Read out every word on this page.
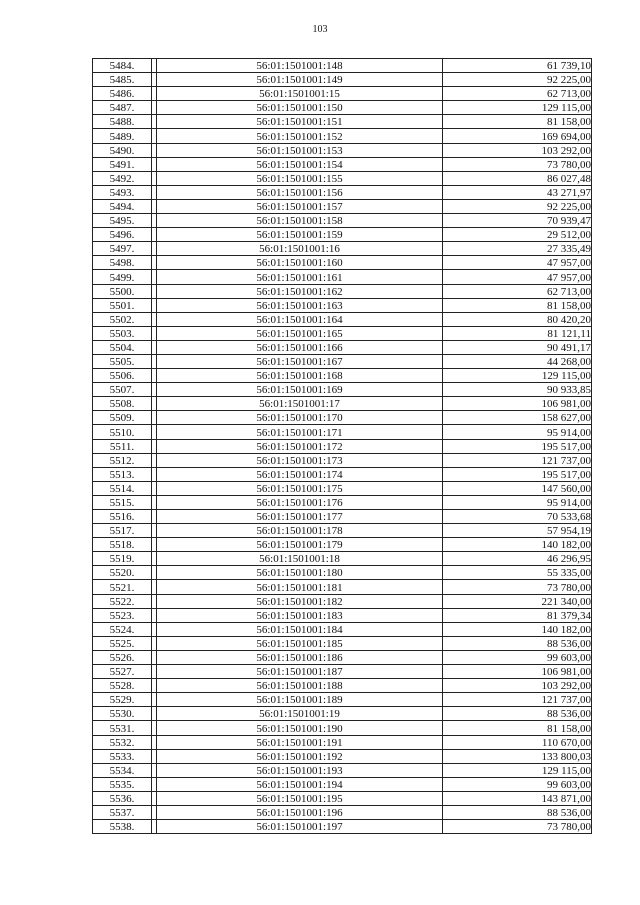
103
5484.		56:01:1501001:148	61 739,10
5485.		56:01:1501001:149	92 225,00
5486.		56:01:1501001:15	62 713,00
5487.		56:01:1501001:150	129 115,00
5488.		56:01:1501001:151	81 158,00
5489.		56:01:1501001:152	169 694,00
5490.		56:01:1501001:153	103 292,00
5491.		56:01:1501001:154	73 780,00
5492.		56:01:1501001:155	86 027,48
5493.		56:01:1501001:156	43 271,97
5494.		56:01:1501001:157	92 225,00
5495.		56:01:1501001:158	70 939,47
5496.		56:01:1501001:159	29 512,00
5497.		56:01:1501001:16	27 335,49
5498.		56:01:1501001:160	47 957,00
5499.		56:01:1501001:161	47 957,00
5500.		56:01:1501001:162	62 713,00
5501.		56:01:1501001:163	81 158,00
5502.		56:01:1501001:164	80 420,20
5503.		56:01:1501001:165	81 121,11
5504.		56:01:1501001:166	90 491,17
5505.		56:01:1501001:167	44 268,00
5506.		56:01:1501001:168	129 115,00
5507.		56:01:1501001:169	90 933,85
5508.		56:01:1501001:17	106 981,00
5509.		56:01:1501001:170	158 627,00
5510.		56:01:1501001:171	95 914,00
5511.		56:01:1501001:172	195 517,00
5512.		56:01:1501001:173	121 737,00
5513.		56:01:1501001:174	195 517,00
5514.		56:01:1501001:175	147 560,00
5515.		56:01:1501001:176	95 914,00
5516.		56:01:1501001:177	70 533,68
5517.		56:01:1501001:178	57 954,19
5518.		56:01:1501001:179	140 182,00
5519.		56:01:1501001:18	46 296,95
5520.		56:01:1501001:180	55 335,00
5521.		56:01:1501001:181	73 780,00
5522.		56:01:1501001:182	221 340,00
5523.		56:01:1501001:183	81 379,34
5524.		56:01:1501001:184	140 182,00
5525.		56:01:1501001:185	88 536,00
5526.		56:01:1501001:186	99 603,00
5527.		56:01:1501001:187	106 981,00
5528.		56:01:1501001:188	103 292,00
5529.		56:01:1501001:189	121 737,00
5530.		56:01:1501001:19	88 536,00
5531.		56:01:1501001:190	81 158,00
5532.		56:01:1501001:191	110 670,00
5533.		56:01:1501001:192	133 800,03
5534.		56:01:1501001:193	129 115,00
5535.		56:01:1501001:194	99 603,00
5536.		56:01:1501001:195	143 871,00
5537.		56:01:1501001:196	88 536,00
5538.		56:01:1501001:197	73 780,00
